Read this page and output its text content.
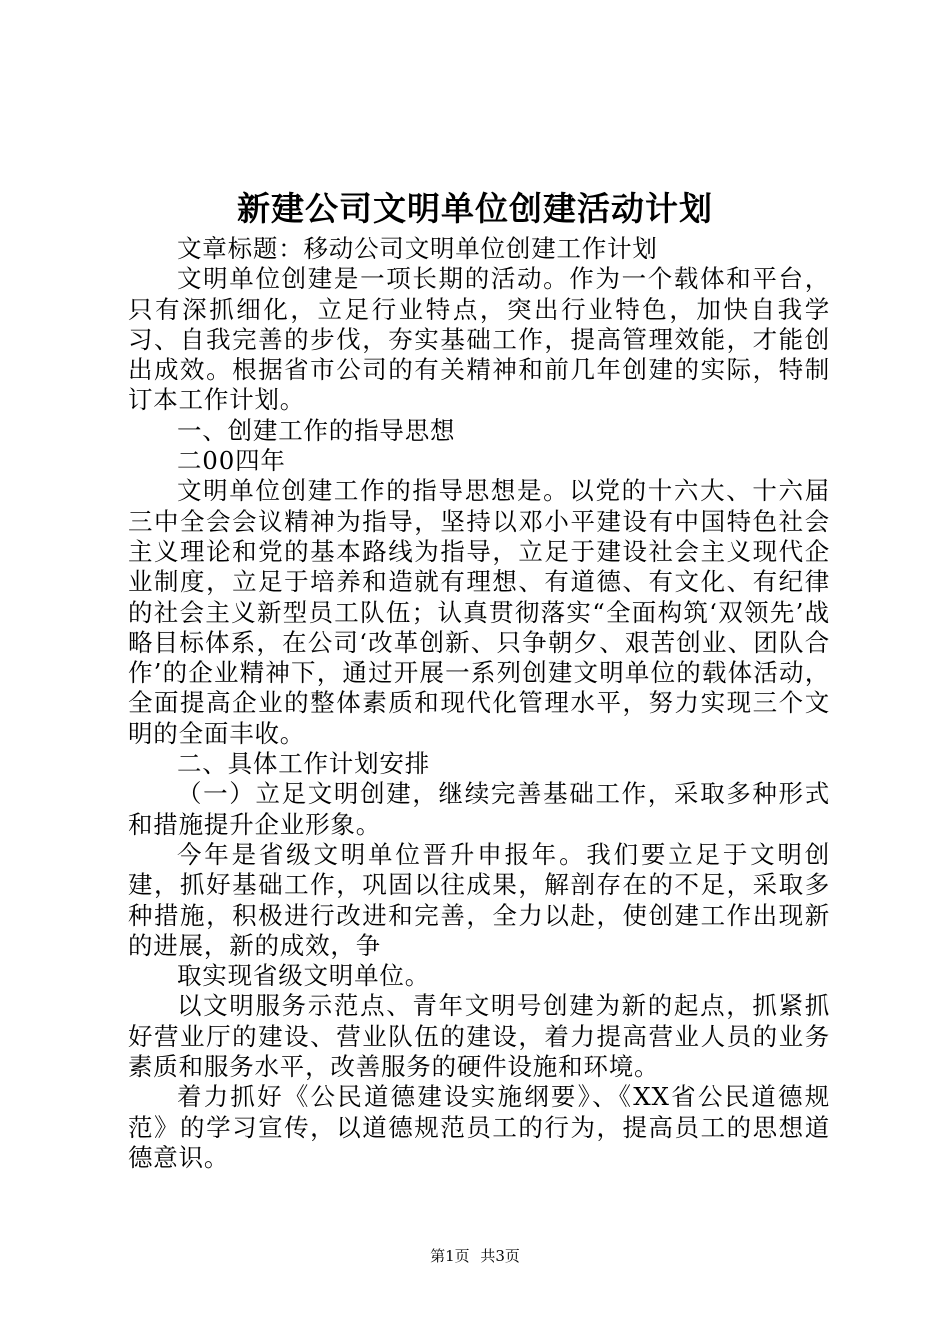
新建公司文明单位创建活动计划

文章标题：移动公司文明单位创建工作计划

文明单位创建是一项长期的活动。作为一个载体和平台，只有深抓细化，立足行业特点，突出行业特色，加快自我学习、自我完善的步伐，夯实基础工作，提高管理效能，才能创出成效。根据省市公司的有关精神和前几年创建的实际，特制订本工作计划。

一、创建工作的指导思想

二00四年

文明单位创建工作的指导思想是。以党的十六大、十六届三中全会会议精神为指导，坚持以邓小平建设有中国特色社会主义理论和党的基本路线为指导，立足于建设社会主义现代企业制度，立足于培养和造就有理想、有道德、有文化、有纪律的社会主义新型员工队伍；认真贯彻落实“全面构筑‘双领先’战略目标体系，在公司‘改革创新、只争朝夕、艰苦创业、团队合作’的企业精神下，通过开展一系列创建文明单位的载体活动，全面提高企业的整体素质和现代化管理水平，努力实现三个文明的全面丰收。

二、具体工作计划安排

（一）立足文明创建，继续完善基础工作，采取多种形式和措施提升企业形象。

今年是省级文明单位晋升申报年。我们要立足于文明创建，抓好基础工作，巩固以往成果，解剖存在的不足，采取多种措施，积极进行改进和完善，全力以赴，使创建工作出现新的进展，新的成效，争

取实现省级文明单位。

以文明服务示范点、青年文明号创建为新的起点，抓紧抓好营业厅的建设、营业队伍的建设，着力提高营业人员的业务素质和服务水平，改善服务的硬件设施和环境。

着力抓好《公民道德建设实施纲要》、《XX省公民道德规范》的学习宣传，以道德规范员工的行为，提高员工的思想道德意识。

第1页 共3页
